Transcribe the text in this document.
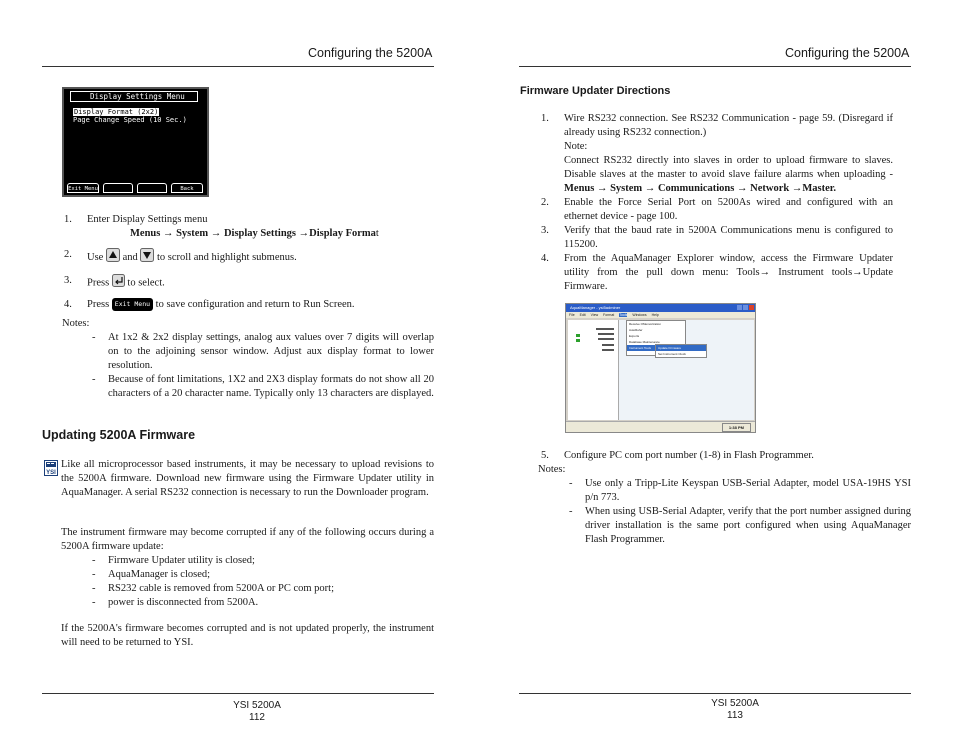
Configuring the 5200A
Display Settings Menu
Display Format (2x2)
Page Change Speed (10 Sec.)
Exit Menu	Back
1. Enter Display Settings menu
Menus → System → Display Settings →Display Format
2. Use and to scroll and highlight submenus.
3. Press to select.
4. Press Exit Menu to save configuration and return to Run Screen.
Notes:
- At 1x2 & 2x2 display settings, analog aux values over 7 digits will overlap on to the adjoining sensor window. Adjust aux display format to lower resolution.
- Because of font limitations, 1X2 and 2X3 display formats do not show all 20 characters of a 20 character name. Typically only 13 characters are displayed.
Updating 5200A Firmware
YSI
Like all microprocessor based instruments, it may be necessary to upload revisions to the 5200A firmware. Download new firmware using the Firmware Updater utility in AquaManager. A serial RS232 connection is necessary to run the Downloader program.
The instrument firmware may become corrupted if any of the following occurs during a 5200A firmware update:
- Firmware Updater utility is closed;
- AquaManager is closed;
- RS232 cable is removed from 5200A or PC com port;
- power is disconnected from 5200A.
If the 5200A's firmware becomes corrupted and is not updated properly, the instrument will need to be returned to YSI.
YSI 5200A
112
Configuring the 5200A
Firmware Updater Directions
1. Wire RS232 connection. See RS232 Communication - page 59. (Disregard if already using RS232 connection.)
Note:
Connect RS232 directly into slaves in order to upload firmware to slaves. Disable slaves at the master to avoid slave failure alarms when uploading - Menus → System → Communications → Network →Master.
2. Enable the Force Serial Port on 5200As wired and configured with an ethernet device - page 100.
3. Verify that the baud rate in 5200A Communications menu is configured to 115200.
4. From the AquaManager Explorer window, access the Firmware Updater utility from the pull down menu: Tools→ Instrument tools→Update Firmware.
AquaManager - ysi5adminer
File Edit View Format Tools Windows Help
Receive OMemorization
AutoRefer
Exports
Database Maintenance
Instrument Tools	Update Firmware
Set Instrument Clock
1:38 PM
5. Configure PC com port number (1-8) in Flash Programmer.
Notes:
- Use only a Tripp-Lite Keyspan USB-Serial Adapter, model USA-19HS YSI p/n 773.
- When using USB-Serial Adapter, verify that the port number assigned during driver installation is the same port configured when using AquaManager Flash Programmer.
YSI 5200A
113
